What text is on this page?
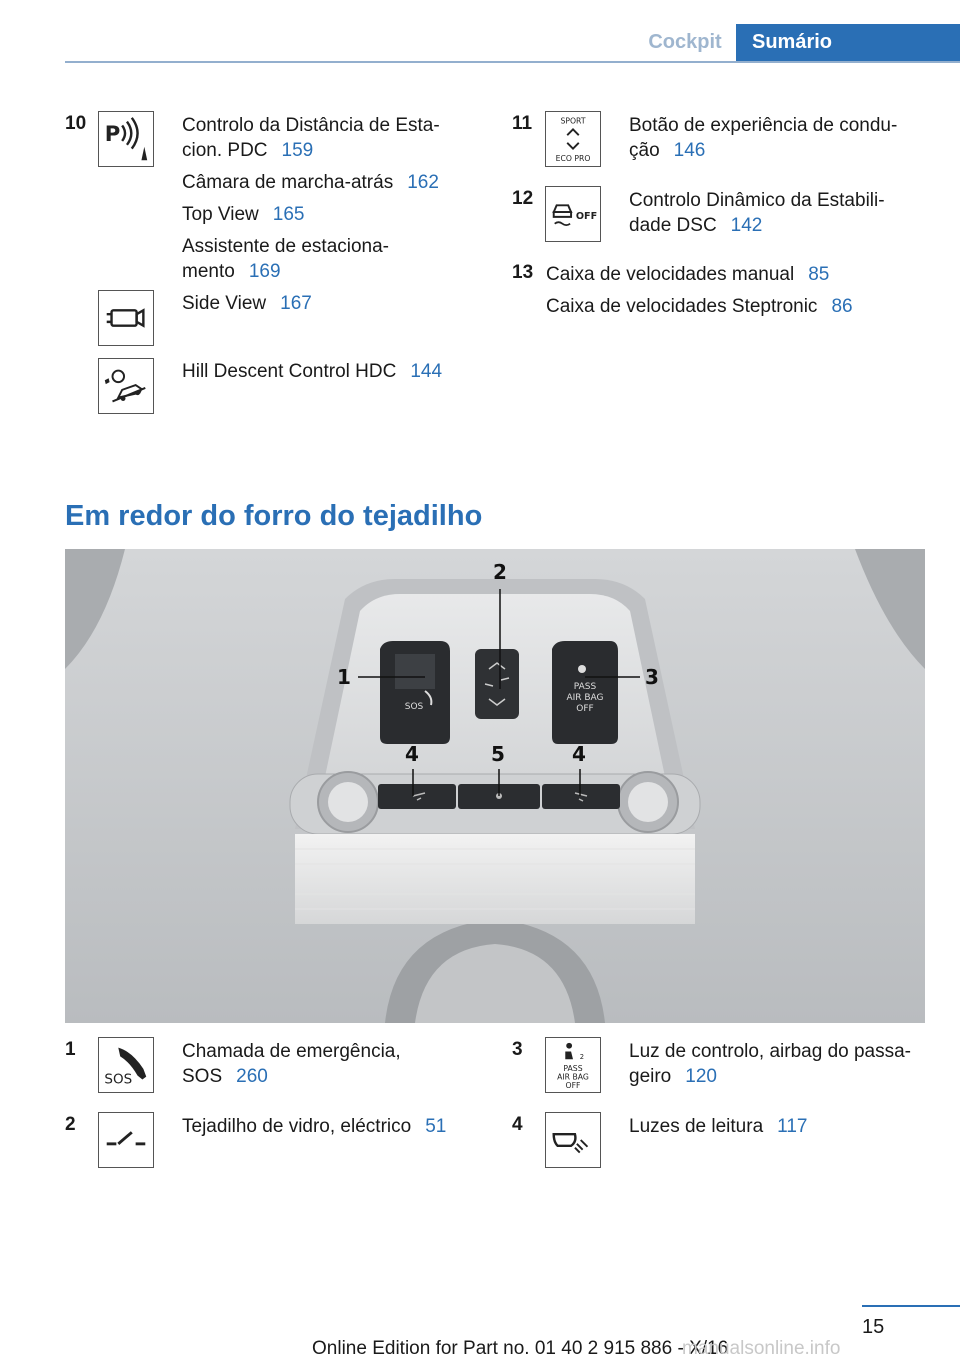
Cockpit	Sumário
10 P	Controlo da Distância de Esta‐
cion. PDC 159

Câmara de marcha-atrás 162

Top View 165

Assistente de estaciona‐
mento 169

Side View 167

Hill Descent Control HDC 144

11	SPORT
ECO PRO

Botão de experiência de condu‐
ção 146

12
OFF

Controlo Dinâmico da Estabili‐
dade DSC 142

13 Caixa de velocidades manual 85

Caixa de velocidades Steptronic 86

Em redor do forro do tejadilho
SOS
PASS
AIR BAG
OFF
1
2
3
4	5	4
1
SOS

Chamada de emergência,
SOS 260

2	Tejadilho de vidro, eléctrico 51

3	2
PASS
AIR BAG
OFF

Luz de controlo, airbag do passa‐
geiro 120

4	Luzes de leitura 117

15
Online Edition for Part no. 01 40 2 915 886 - X/16
manualsonline.info
